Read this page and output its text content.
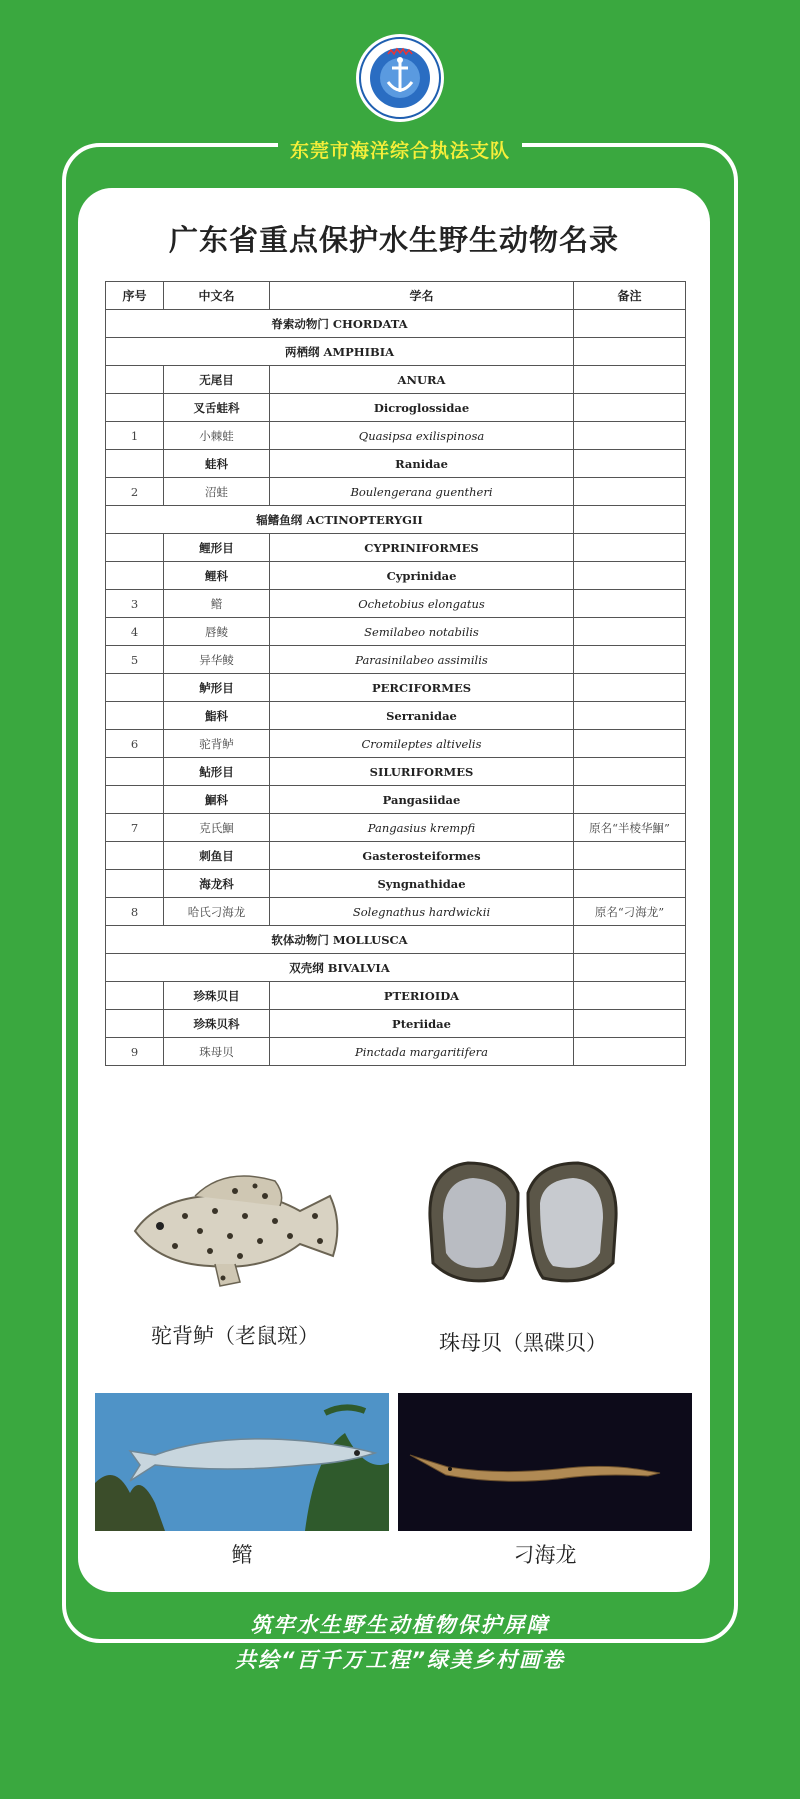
东莞市海洋综合执法支队
广东省重点保护水生野生动物名录
序号	中文名	学名	备注
脊索动物门 CHORDATA			
两栖纲 AMPHIBIA			
	无尾目	ANURA	
	叉舌蛙科	Dicroglossidae	
1	小棘蛙	Quasipsa exilispinosa	
	蛙科	Ranidae	
2	沼蛙	Boulengerana guentheri	
辐鳍鱼纲 ACTINOPTERYGII			
	鲤形目	CYPRINIFORMES	
	鲤科	Cyprinidae	
3	鳤	Ochetobius elongatus	
4	唇鲮	Semilabeo notabilis	
5	异华鲮	Parasinilabeo assimilis	
	鲈形目	PERCIFORMES	
	鮨科	Serranidae	
6	驼背鲈	Cromileptes altivelis	
	鲇形目	SILURIFORMES	
	鮰科	Pangasiidae	
7	克氏鮰	Pangasius krempfi	原名“半棱华鮰”
	刺鱼目	Gasterosteiformes	
	海龙科	Syngnathidae	
8	哈氏刁海龙	Solegnathus hardwickii	原名“刁海龙”
软体动物门 MOLLUSCA			
双壳纲 BIVALVIA			
	珍珠贝目	PTERIOIDA	
	珍珠贝科	Pteriidae	
9	珠母贝	Pinctada margaritifera	
驼背鲈（老鼠斑）	珠母贝（黑碟贝）
鳤	刁海龙
筑牢水生野生动植物保护屏障
共绘“百千万工程”绿美乡村画卷
